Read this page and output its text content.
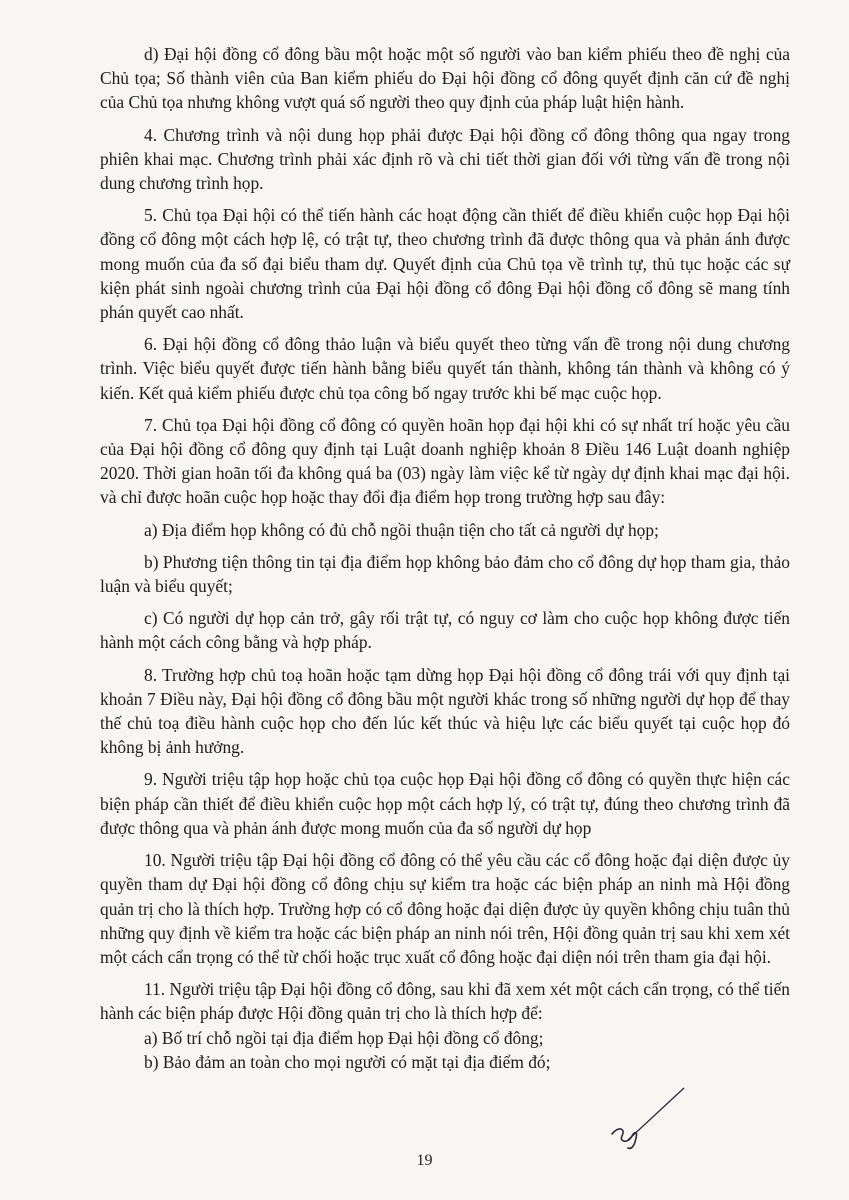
d) Đại hội đồng cổ đông bầu một hoặc một số người vào ban kiểm phiếu theo đề nghị của Chủ tọa; Số thành viên của Ban kiểm phiếu do Đại hội đồng cổ đông quyết định căn cứ đề nghị của Chủ tọa nhưng không vượt quá số người theo quy định của pháp luật hiện hành.

4. Chương trình và nội dung họp phải được Đại hội đồng cổ đông thông qua ngay trong phiên khai mạc. Chương trình phải xác định rõ và chi tiết thời gian đối với từng vấn đề trong nội dung chương trình họp.

5. Chủ tọa Đại hội có thể tiến hành các hoạt động cần thiết để điều khiển cuộc họp Đại hội đồng cổ đông một cách hợp lệ, có trật tự, theo chương trình đã được thông qua và phản ánh được mong muốn của đa số đại biểu tham dự. Quyết định của Chủ tọa về trình tự, thủ tục hoặc các sự kiện phát sinh ngoài chương trình của Đại hội đồng cổ đông Đại hội đồng cổ đông sẽ mang tính phán quyết cao nhất.

6. Đại hội đồng cổ đông thảo luận và biểu quyết theo từng vấn đề trong nội dung chương trình. Việc biểu quyết được tiến hành bằng biểu quyết tán thành, không tán thành và không có ý kiến. Kết quả kiểm phiếu được chủ tọa công bố ngay trước khi bế mạc cuộc họp.

7. Chủ tọa Đại hội đồng cổ đông có quyền hoãn họp đại hội khi có sự nhất trí hoặc yêu cầu của Đại hội đồng cổ đông quy định tại Luật doanh nghiệp khoản 8 Điều 146 Luật doanh nghiệp 2020. Thời gian hoãn tối đa không quá ba (03) ngày làm việc kể từ ngày dự định khai mạc đại hội. và chỉ được hoãn cuộc họp hoặc thay đổi địa điểm họp trong trường hợp sau đây:

a) Địa điểm họp không có đủ chỗ ngồi thuận tiện cho tất cả người dự họp;

b) Phương tiện thông tin tại địa điểm họp không bảo đảm cho cổ đông dự họp tham gia, thảo luận và biểu quyết;

c) Có người dự họp cản trở, gây rối trật tự, có nguy cơ làm cho cuộc họp không được tiến hành một cách công bằng và hợp pháp.

8. Trường hợp chủ toạ hoãn hoặc tạm dừng họp Đại hội đồng cổ đông trái với quy định tại khoản 7 Điều này, Đại hội đồng cổ đông bầu một người khác trong số những người dự họp để thay thế chủ toạ điều hành cuộc họp cho đến lúc kết thúc và hiệu lực các biểu quyết tại cuộc họp đó không bị ảnh hưởng.

9. Người triệu tập họp hoặc chủ tọa cuộc họp Đại hội đồng cổ đông có quyền thực hiện các biện pháp cần thiết để điều khiển cuộc họp một cách hợp lý, có trật tự, đúng theo chương trình đã được thông qua và phản ánh được mong muốn của đa số người dự họp

10. Người triệu tập Đại hội đồng cổ đông có thể yêu cầu các cổ đông hoặc đại diện được ủy quyền tham dự Đại hội đồng cổ đông chịu sự kiểm tra hoặc các biện pháp an ninh mà Hội đồng quản trị cho là thích hợp. Trường hợp có cổ đông hoặc đại diện được ủy quyền không chịu tuân thủ những quy định về kiểm tra hoặc các biện pháp an ninh nói trên, Hội đồng quản trị sau khi xem xét một cách cẩn trọng có thể từ chối hoặc trục xuất cổ đông hoặc đại diện nói trên tham gia đại hội.

11. Người triệu tập Đại hội đồng cổ đông, sau khi đã xem xét một cách cẩn trọng, có thể tiến hành các biện pháp được Hội đồng quản trị cho là thích hợp để:

a) Bố trí chỗ ngồi tại địa điểm họp Đại hội đồng cổ đông;

b) Bảo đảm an toàn cho mọi người có mặt tại địa điểm đó;

19
